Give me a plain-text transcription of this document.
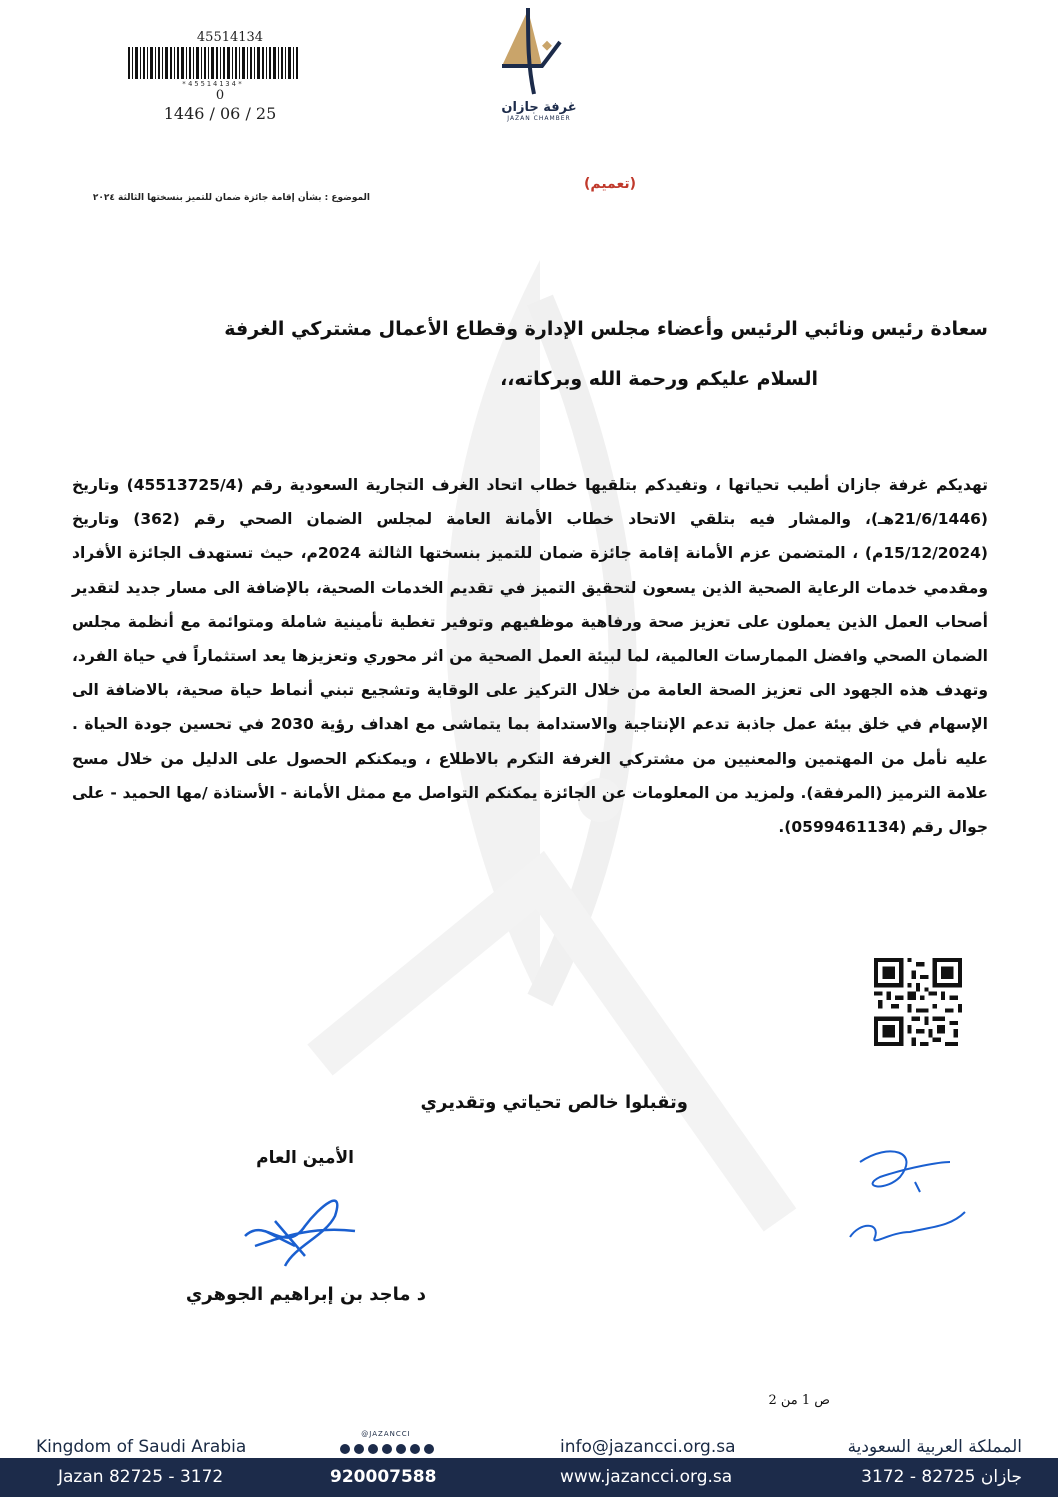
45514134
*45514134*
0
1446 / 06 / 25	غرفة جازان
JAZAN CHAMBER
(تعميم)
الموضوع : بشأن إقامة جائزة ضمان للتميز بنسختها الثالثة ٢٠٢٤
سعادة رئيس ونائبي الرئيس وأعضاء مجلس الإدارة وقطاع الأعمال مشتركي الغرفة
السلام عليكم ورحمة الله وبركاته،،
تهديكم غرفة جازان أطيب تحياتها ، وتفيدكم بتلقيها خطاب اتحاد الغرف التجارية السعودية رقم (45513725/4) وتاريخ (21/6/1446هـ)، والمشار فيه بتلقي الاتحاد خطاب الأمانة العامة لمجلس الضمان الصحي رقم (362) وتاريخ (15/12/2024م) ، المتضمن عزم الأمانة إقامة جائزة ضمان للتميز بنسختها الثالثة 2024م، حيث تستهدف الجائزة الأفراد ومقدمي خدمات الرعاية الصحية الذين يسعون لتحقيق التميز في تقديم الخدمات الصحية، بالإضافة الى مسار جديد لتقدير أصحاب العمل الذين يعملون على تعزيز صحة ورفاهية موظفيهم وتوفير تغطية تأمينية شاملة ومتوائمة مع أنظمة مجلس الضمان الصحي وافضل الممارسات العالمية، لما لبيئة العمل الصحية من اثر محوري وتعزيزها يعد استثماراً في حياة الفرد، وتهدف هذه الجهود الى تعزيز الصحة العامة من خلال التركيز على الوقاية وتشجيع تبني أنماط حياة صحية، بالاضافة الى الإسهام في خلق بيئة عمل جاذبة تدعم الإنتاجية والاستدامة بما يتماشى مع اهداف رؤية 2030 في تحسين جودة الحياة . عليه نأمل من المهتمين والمعنيين من مشتركي الغرفة التكرم بالاطلاع ، ويمكنكم الحصول على الدليل من خلال مسح علامة الترميز (المرفقة). ولمزيد من المعلومات عن الجائزة يمكنكم التواصل مع ممثل الأمانة - الأستاذة /مها الحميد - على جوال رقم (0599461134).
وتقبلوا خالص تحياتي وتقديري
الأمين العام
د ماجد بن إبراهيم الجوهري
ص 1 من 2
Kingdom of Saudi Arabia
Jazan 82725 - 3172
@JAZANCCI
920007588
info@jazancci.org.sa
www.jazancci.org.sa
المملكة العربية السعودية
جازان 82725 - 3172
